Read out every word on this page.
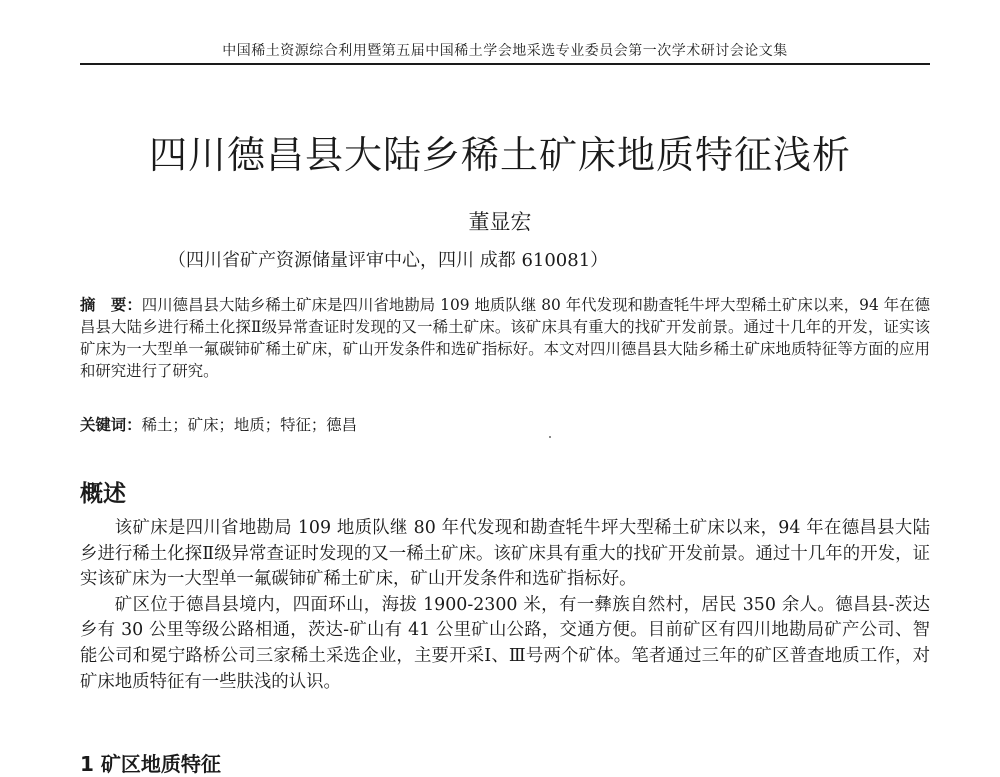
中国稀土资源综合利用暨第五届中国稀土学会地采选专业委员会第一次学术研讨会论文集
四川德昌县大陆乡稀土矿床地质特征浅析
董显宏
（四川省矿产资源储量评审中心，四川 成都 610081）
摘　要：四川德昌县大陆乡稀土矿床是四川省地勘局 109 地质队继 80 年代发现和勘查牦牛坪大型稀土矿床以来，94 年在德昌县大陆乡进行稀土化探Ⅱ级异常查证时发现的又一稀土矿床。该矿床具有重大的找矿开发前景。通过十几年的开发，证实该矿床为一大型单一氟碳铈矿稀土矿床，矿山开发条件和选矿指标好。本文对四川德昌县大陆乡稀土矿床地质特征等方面的应用和研究进行了研究。
关键词：稀土；矿床；地质；特征；德昌
概述

该矿床是四川省地勘局 109 地质队继 80 年代发现和勘查牦牛坪大型稀土矿床以来，94 年在德昌县大陆乡进行稀土化探Ⅱ级异常查证时发现的又一稀土矿床。该矿床具有重大的找矿开发前景。通过十几年的开发，证实该矿床为一大型单一氟碳铈矿稀土矿床，矿山开发条件和选矿指标好。

矿区位于德昌县境内，四面环山，海拔 1900-2300 米，有一彝族自然村，居民 350 余人。德昌县-茨达乡有 30 公里等级公路相通，茨达-矿山有 41 公里矿山公路，交通方便。目前矿区有四川地勘局矿产公司、智能公司和冕宁路桥公司三家稀土采选企业，主要开采Ⅰ、Ⅲ号两个矿体。笔者通过三年的矿区普查地质工作，对矿床地质特征有一些肤浅的认识。

1 矿区地质特征
